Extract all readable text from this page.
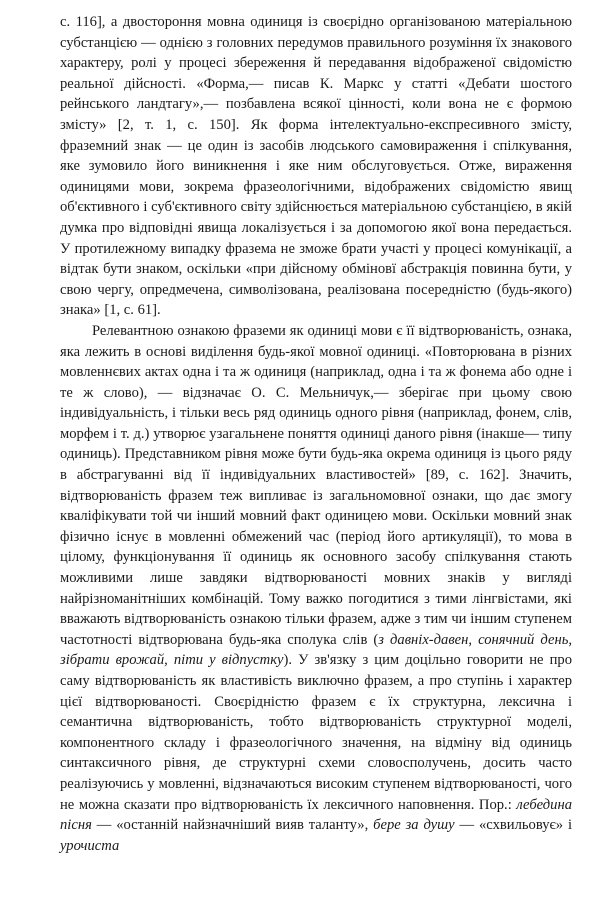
с. 116], а двостороння мовна одиниця із своєрідно організованою матеріальною субстанцією — однією з головних передумов правильного розуміння їх знакового характеру, ролі у процесі збереження й передавання відображеної свідомістю реальної дійсності. «Форма,— писав К. Маркс у статті «Дебати шостого рейнського ландтагу»,— позбавлена всякої цінності, коли вона не є формою змісту» [2, т. 1, с. 150]. Як форма інтелектуально-експресивного змісту, фраземний знак — це один із засобів людського самовираження і спілкування, яке зумовило його виникнення і яке ним обслуговується. Отже, вираження одиницями мови, зокрема фразеологічними, відображених свідомістю явищ об'єктивного і суб'єктивного світу здійснюється матеріальною субстанцією, в якій думка про відповідні явища локалізується і за допомогою якої вона передається. У протилежному випадку фразема не зможе брати участі у процесі комунікації, а відтак бути знаком, оскільки «при дійсному обміновї абстракція повинна бути, у свою чергу, опредмечена, символізована, реалізована посередністю (будь-якого) знака» [1, с. 61].

Релевантною ознакою фраземи як одиниці мови є її відтворюваність, ознака, яка лежить в основі виділення будь-якої мовної одиниці. «Повторювана в різних мовленнєвих актах одна і та ж одиниця (наприклад, одна і та ж фонема або одне і те ж слово), — відзначає О. С. Мельничук,— зберігає при цьому свою індивідуальність, і тільки весь ряд одиниць одного рівня (наприклад, фонем, слів, морфем і т. д.) утворює узагальнене поняття одиниці даного рівня (інакше— типу одиниць). Представником рівня може бути будь-яка окрема одиниця із цього ряду в абстрагуванні від її індивідуальних властивостей» [89, с. 162]. Значить, відтворюваність фразем теж випливає із загальномовної ознаки, що дає змогу кваліфікувати той чи інший мовний факт одиницею мови. Оскільки мовний знак фізично існує в мовленні обмежений час (період його артикуляції), то мова в цілому, функціонування її одиниць як основного засобу спілкування стають можливими лише завдяки відтворюваності мовних знаків у вигляді найрізноманітніших комбінацій. Тому важко погодитися з тими лінгвістами, які вважають відтворюваність ознакою тільки фразем, адже з тим чи іншим ступенем частотності відтворювана будь-яка сполука слів (з давніх-давен, сонячний день, зібрати врожай, піти у відпустку). У зв'язку з цим доцільно говорити не про саму відтворюваність як властивість виключно фразем, а про ступінь і характер цієї відтворюваності. Своєрідністю фразем є їх структурна, лексична і семантична відтворюваність, тобто відтворюваність структурної моделі, компонентного складу і фразеологічного значення, на відміну від одиниць синтаксичного рівня, де структурні схеми словосполучень, досить часто реалізуючись у мовленні, відзначаються високим ступенем відтворюваності, чого не можна сказати про відтворюваність їх лексичного наповнення. Пор.: лебедина пісня — «останній найзначніший вияв таланту», бере за душу — «схвильовує» і урочиста
